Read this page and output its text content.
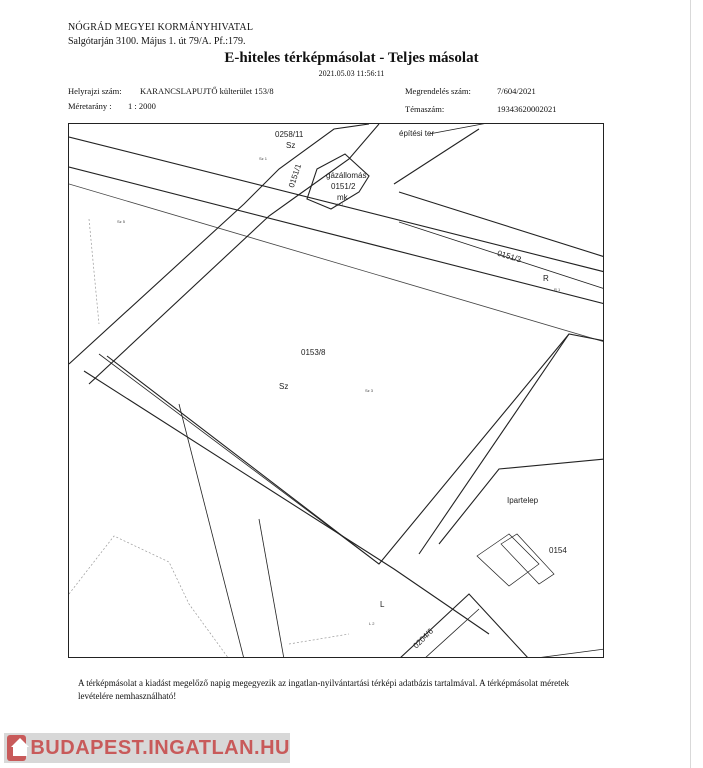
NÓGRÁD MEGYEI KORMÁNYHIVATAL
Salgótarján 3100. Május 1. út 79/A. Pf.:179.
E-hiteles térképmásolat - Teljes másolat
2021.05.03 11:56:11
Helyrajzi szám: KARANCSLAPUJTŐ külterület 153/8	Megrendelés szám:	7/604/2021
Méretarány : 1 : 2000	Témaszám:	19343620002021
0258/11
Sz
építési ter
gázállomás
0151/2
mk
0151/1
0151/3
R
0153/8
Sz
Ipartelep
0154
L
0204/6
Sz 1
Sz 5
Sz 3
R 1
L 2
Mk 1
A térképmásolat a kiadást megelőző napig megegyezik az ingatlan-nyilvántartási térképi adatbázis tartalmával. A térképmásolat méretek levételére nemhasználható!
BUDAPEST.INGATLAN.HU
